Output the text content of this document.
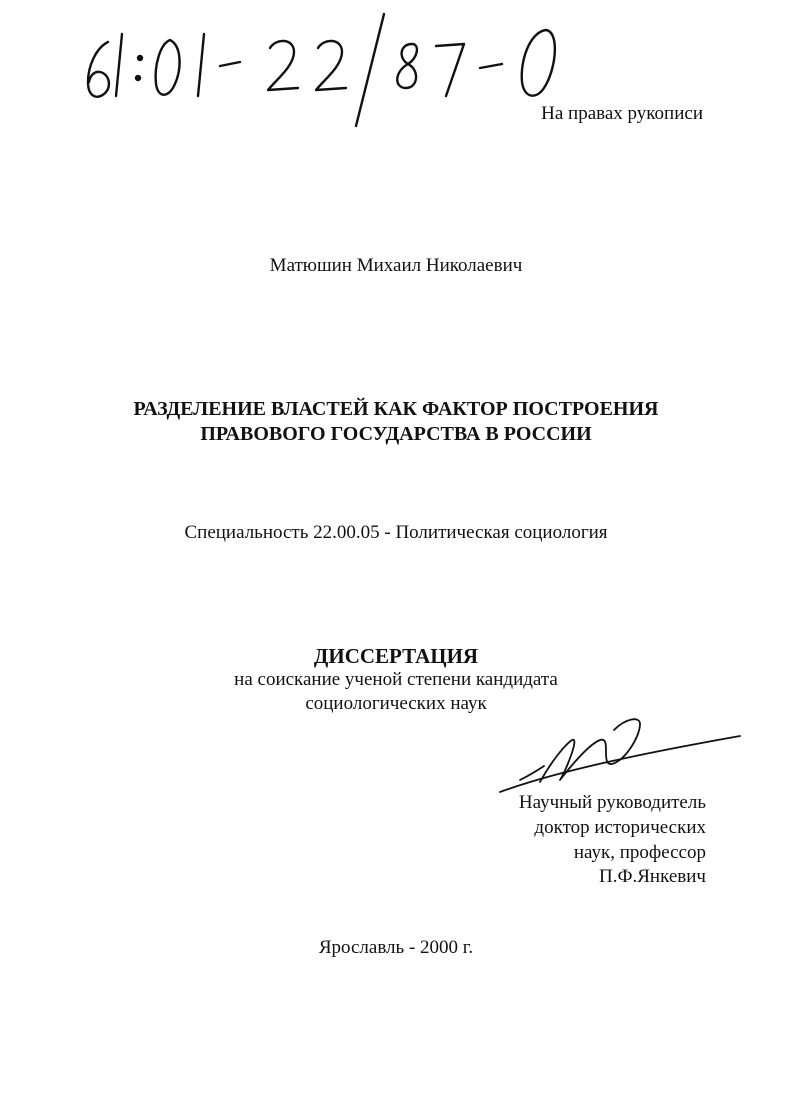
На правах рукописи
Матюшин Михаил Николаевич
РАЗДЕЛЕНИЕ ВЛАСТЕЙ КАК ФАКТОР ПОСТРОЕНИЯ
ПРАВОВОГО ГОСУДАРСТВА В РОССИИ
Специальность 22.00.05 - Политическая социология
ДИССЕРТАЦИЯ
на соискание ученой степени кандидата
социологических наук
Научный руководитель
доктор исторических
наук, профессор
П.Ф.Янкевич
Ярославль - 2000 г.
